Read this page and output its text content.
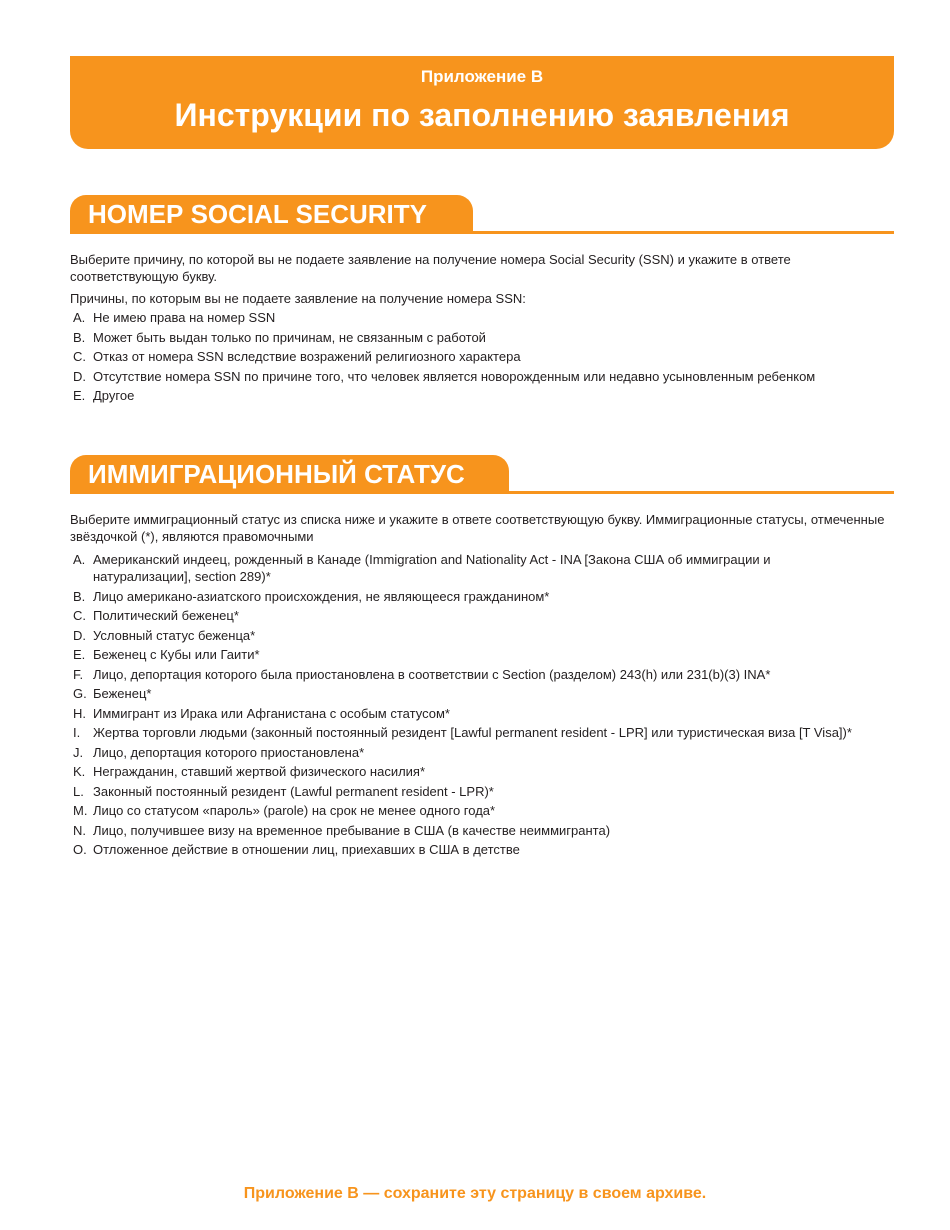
Приложение B
Инструкции по заполнению заявления
НОМЕР SOCIAL SECURITY

Выберите причину, по которой вы не подаете заявление на получение номера Social Security (SSN) и укажите в ответе соответствующую букву.

Причины, по которым вы не подаете заявление на получение номера SSN:

A. Не имею права на номер SSN
B. Может быть выдан только по причинам, не связанным с работой
C. Отказ от номера SSN вследствие возражений религиозного характера
D. Отсутствие номера SSN по причине того, что человек является новорожденным или недавно усыновленным ребенком
E. Другое
ИММИГРАЦИОННЫЙ СТАТУС

Выберите иммиграционный статус из списка ниже и укажите в ответе соответствующую букву. Иммиграционные статусы, отмеченные звёздочкой (*), являются правомочными

A. Американский индеец, рожденный в Канаде (Immigration and Nationality Act - INA [Закона США об иммиграции и натурализации], section 289)*
B. Лицо американо-азиатского происхождения, не являющееся гражданином*
C. Политический беженец*
D. Условный статус беженца*
E. Беженец с Кубы или Гаити*
F. Лицо, депортация которого была приостановлена в соответствии с Section (разделом) 243(h) или 231(b)(3) INA*
G. Беженец*
H. Иммигрант из Ирака или Афганистана с особым статусом*
I. Жертва торговли людьми (законный постоянный резидент [Lawful permanent resident - LPR] или туристическая виза [T Visa])*
J. Лицо, депортация которого приостановлена*
K. Негражданин, ставший жертвой физического насилия*
L. Законный постоянный резидент (Lawful permanent resident - LPR)*
M. Лицо со статусом «пароль» (parole) на срок не менее одного года*
N. Лицо, получившее визу на временное пребывание в США (в качестве неиммигранта)
O. Отложенное действие в отношении лиц, приехавших в США в детстве
Приложение B — сохраните эту страницу в своем архиве.
